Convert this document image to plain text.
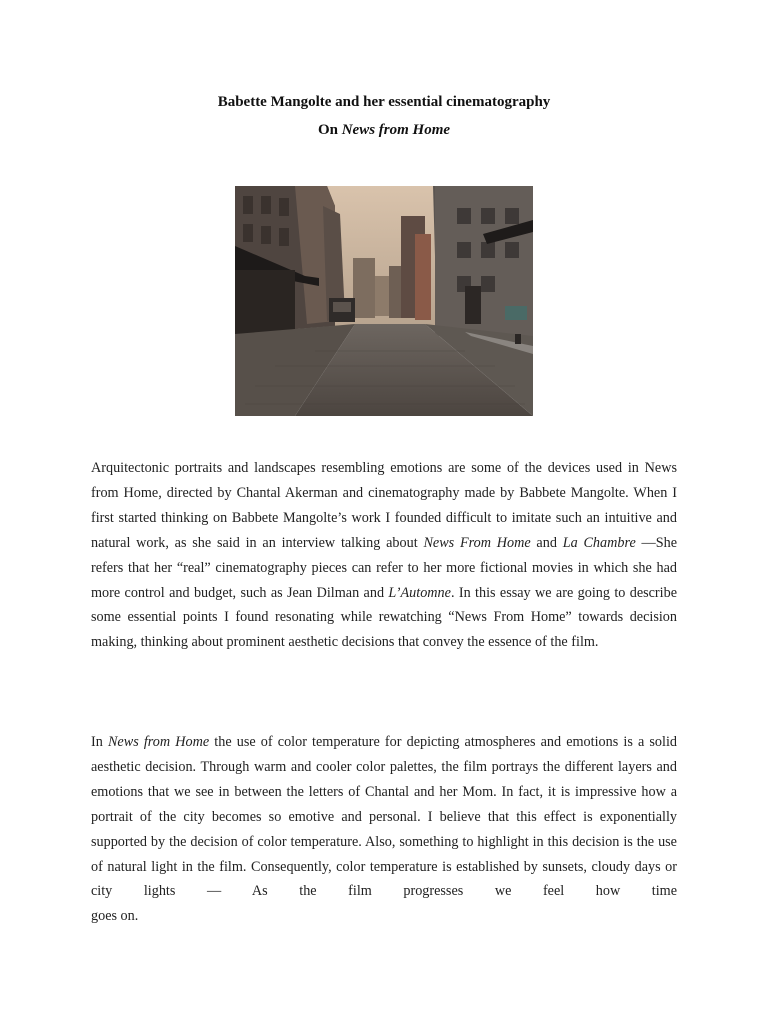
Babette Mangolte and her essential cinematography
On News from Home

Arquitectonic portraits and landscapes resembling emotions are some of the devices used in News from Home, directed by Chantal Akerman and cinematography made by Babbete Mangolte. When I first started thinking on Babbete Mangolte’s work I founded difficult to imitate such an intuitive and natural work, as she said in an interview talking about News From Home and La Chambre —She refers that her “real” cinematography pieces can refer to her more fictional movies in which she had more control and budget, such as Jean Dilman and L’Automne. In this essay we are going to describe some essential points I found resonating while rewatching “News From Home” towards decision making, thinking about prominent aesthetic decisions that convey the essence of the film.

In News from Home the use of color temperature for depicting atmospheres and emotions is a solid aesthetic decision. Through warm and cooler color palettes, the film portrays the different layers and emotions that we see in between the letters of Chantal and her Mom. In fact, it is impressive how a portrait of the city becomes so emotive and personal. I believe that this effect is exponentially supported by the decision of color temperature. Also, something to highlight in this decision is the use of natural light in the film. Consequently, color temperature is established by sunsets, cloudy days or city lights — As the film progresses we feel how time

goes on.
